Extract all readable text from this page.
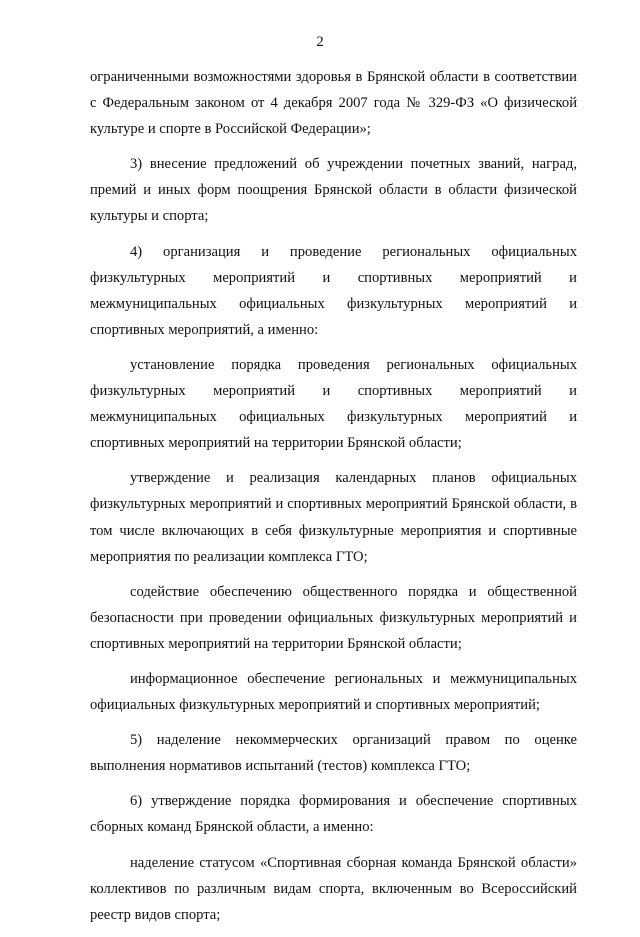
2

ограниченными возможностями здоровья в Брянской области в соответствии с Федеральным законом от 4 декабря 2007 года № 329-ФЗ «О физической культуре и спорте в Российской Федерации»;

3) внесение предложений об учреждении почетных званий, наград, премий и иных форм поощрения Брянской области в области физической культуры и спорта;

4) организация и проведение региональных официальных физкультурных мероприятий и спортивных мероприятий и межмуниципальных официальных физкультурных мероприятий и спортивных мероприятий, а именно:

установление порядка проведения региональных официальных физкультурных мероприятий и спортивных мероприятий и межмуниципальных официальных физкультурных мероприятий и спортивных мероприятий на территории Брянской области;

утверждение и реализация календарных планов официальных физкультурных мероприятий и спортивных мероприятий Брянской области, в том числе включающих в себя физкультурные мероприятия и спортивные мероприятия по реализации комплекса ГТО;

содействие обеспечению общественного порядка и общественной безопасности при проведении официальных физкультурных мероприятий и спортивных мероприятий на территории Брянской области;

информационное обеспечение региональных и межмуниципальных официальных физкультурных мероприятий и спортивных мероприятий;

5) наделение некоммерческих организаций правом по оценке выполнения нормативов испытаний (тестов) комплекса ГТО;

6) утверждение порядка формирования и обеспечение спортивных сборных команд Брянской области, а именно:

наделение статусом «Спортивная сборная команда Брянской области» коллективов по различным видам спорта, включенным во Всероссийский реестр видов спорта;
